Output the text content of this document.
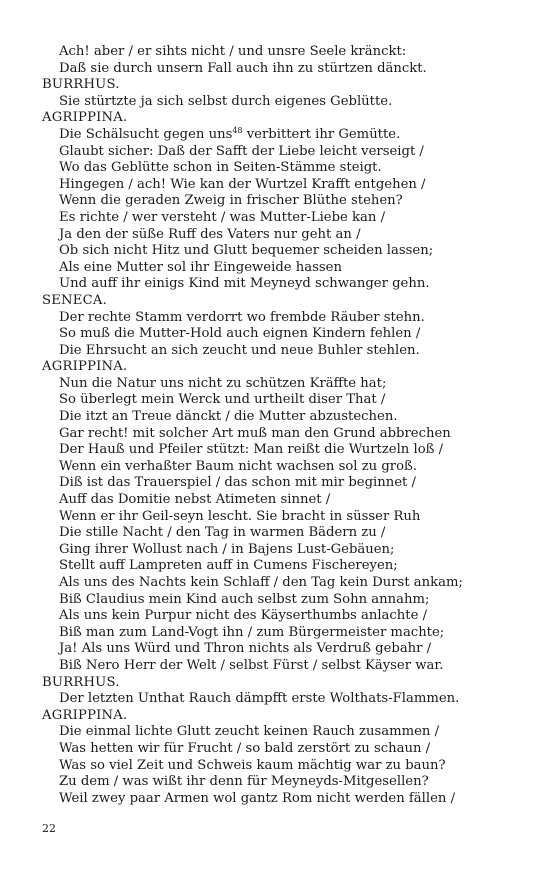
Ach! aber / er sihts nicht / und unsre Seele kränckt:
Daß sie durch unsern Fall auch ihn zu stürtzen dänckt.
BURRHUS.
Sie stürtzte ja sich selbst durch eigenes Geblütte.
AGRIPPINA.
Die Schälsucht gegen uns$^{48}$ verbittert ihr Gemütte.
Glaubt sicher: Daß der Safft der Liebe leicht verseigt /
Wo das Geblütte schon in Seiten-Stämme steigt.
Hingegen / ach! Wie kan der Wurtzel Krafft entgehen /
Wenn die geraden Zweig in frischer Blüthe stehen?
Es richte / wer versteht / was Mutter-Liebe kan /
Ja den der süße Ruff des Vaters nur geht an /
Ob sich nicht Hitz und Glutt bequemer scheiden lassen;
Als eine Mutter sol ihr Eingeweide hassen
Und auff ihr einigs Kind mit Meyneyd schwanger gehn.
SENECA.
Der rechte Stamm verdorrt wo frembde Räuber stehn.
So muß die Mutter-Hold auch eignen Kindern fehlen /
Die Ehrsucht an sich zeucht und neue Buhler stehlen.
AGRIPPINA.
Nun die Natur uns nicht zu schützen Kräffte hat;
So überlegt mein Werck und urtheilt diser That /
Die itzt an Treue dänckt / die Mutter abzustechen.
Gar recht! mit solcher Art muß man den Grund abbrechen
Der Hauß und Pfeiler stützt: Man reißt die Wurtzeln loß /
Wenn ein verhaßter Baum nicht wachsen sol zu groß.
Diß ist das Trauerspiel / das schon mit mir beginnet /
Auff das Domitie nebst Atimeten sinnet /
Wenn er ihr Geil-seyn lescht. Sie bracht in süsser Ruh
Die stille Nacht / den Tag in warmen Bädern zu /
Ging ihrer Wollust nach / in Bajens Lust-Gebäuen;
Stellt auff Lampreten auff in Cumens Fischereyen;
Als uns des Nachts kein Schlaff / den Tag kein Durst ankam;
Biß Claudius mein Kind auch selbst zum Sohn annahm;
Als uns kein Purpur nicht des Käyserthumbs anlachte /
Biß man zum Land-Vogt ihn / zum Bürgermeister machte;
Ja! Als uns Würd und Thron nichts als Verdruß gebahr /
Biß Nero Herr der Welt / selbst Fürst / selbst Käyser war.
BURRHUS.
Der letzten Unthat Rauch dämpfft erste Wolthats-Flammen.
AGRIPPINA.
Die einmal lichte Glutt zeucht keinen Rauch zusammen /
Was hetten wir für Frucht / so bald zerstört zu schaun /
Was so viel Zeit und Schweis kaum mächtig war zu baun?
Zu dem / was wißt ihr denn für Meyneyds-Mitgesellen?
Weil zwey paar Armen wol gantz Rom nicht werden fällen /
22
